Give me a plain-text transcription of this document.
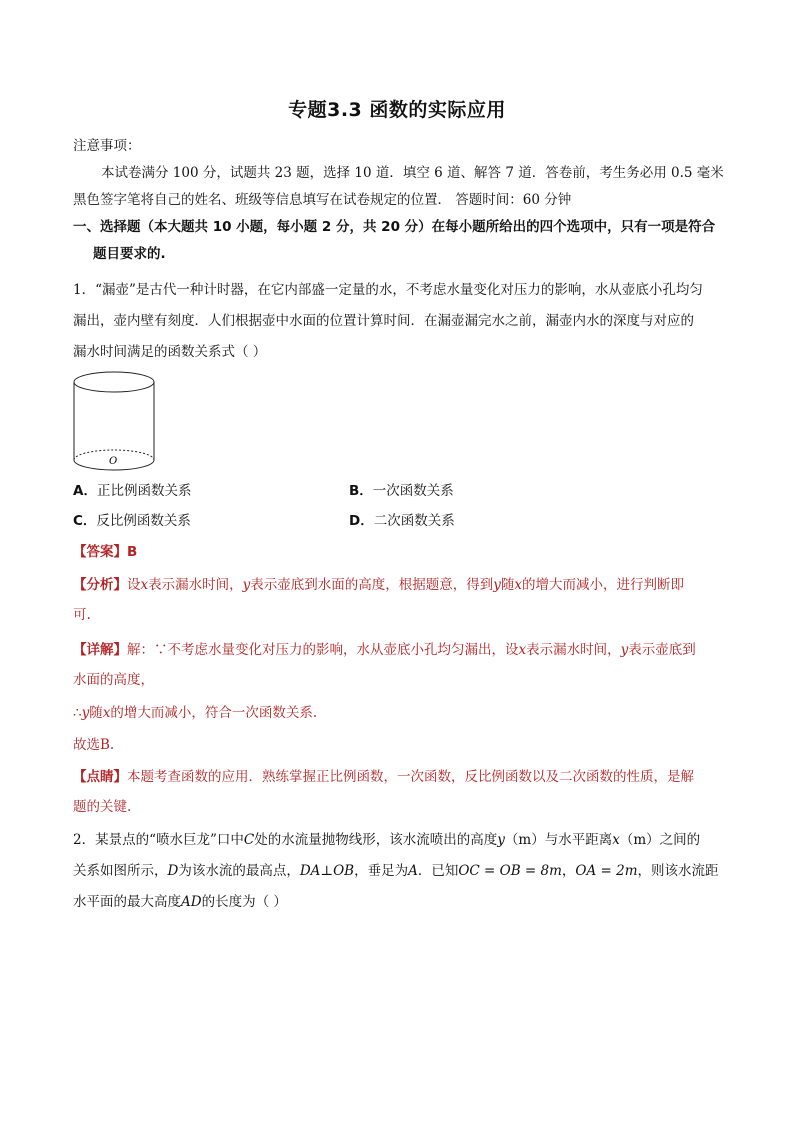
专题3.3 函数的实际应用
注意事项：
本试卷满分 100 分，试题共 23 题，选择 10 道．填空 6 道、解答 7 道．答卷前，考生务必用 0.5 毫米
黑色签字笔将自己的姓名、班级等信息填写在试卷规定的位置． 答题时间：60 分钟
一、选择题（本大题共 10 小题，每小题 2 分，共 20 分）在每小题所给出的四个选项中，只有一项是符合
题目要求的.
1．“漏壶”是古代一种计时器，在它内部盛一定量的水，不考虑水量变化对压力的影响，水从壶底小孔均匀
漏出，壶内壁有刻度．人们根据壶中水面的位置计算时间．在漏壶漏完水之前，漏壶内水的深度与对应的
漏水时间满足的函数关系式（ ）
O
A．正比例函数关系	B．一次函数关系
C．反比例函数关系	D．二次函数关系
【答案】B
【分析】设x表示漏水时间，y表示壶底到水面的高度，根据题意，得到y随x的增大而减小，进行判断即
可.
【详解】解：∵不考虑水量变化对压力的影响，水从壶底小孔均匀漏出，设x表示漏水时间，y表示壶底到
水面的高度，
∴y随x的增大而减小，符合一次函数关系.
故选B.
【点睛】本题考查函数的应用．熟练掌握正比例函数，一次函数，反比例函数以及二次函数的性质，是解
题的关键.
2．某景点的“喷水巨龙”口中C处的水流量抛物线形，该水流喷出的高度y（m）与水平距离x（m）之间的
关系如图所示，D为该水流的最高点，DA⊥OB，垂足为A．已知OC = OB = 8m，OA = 2m，则该水流距
水平面的最大高度AD的长度为（ ）
